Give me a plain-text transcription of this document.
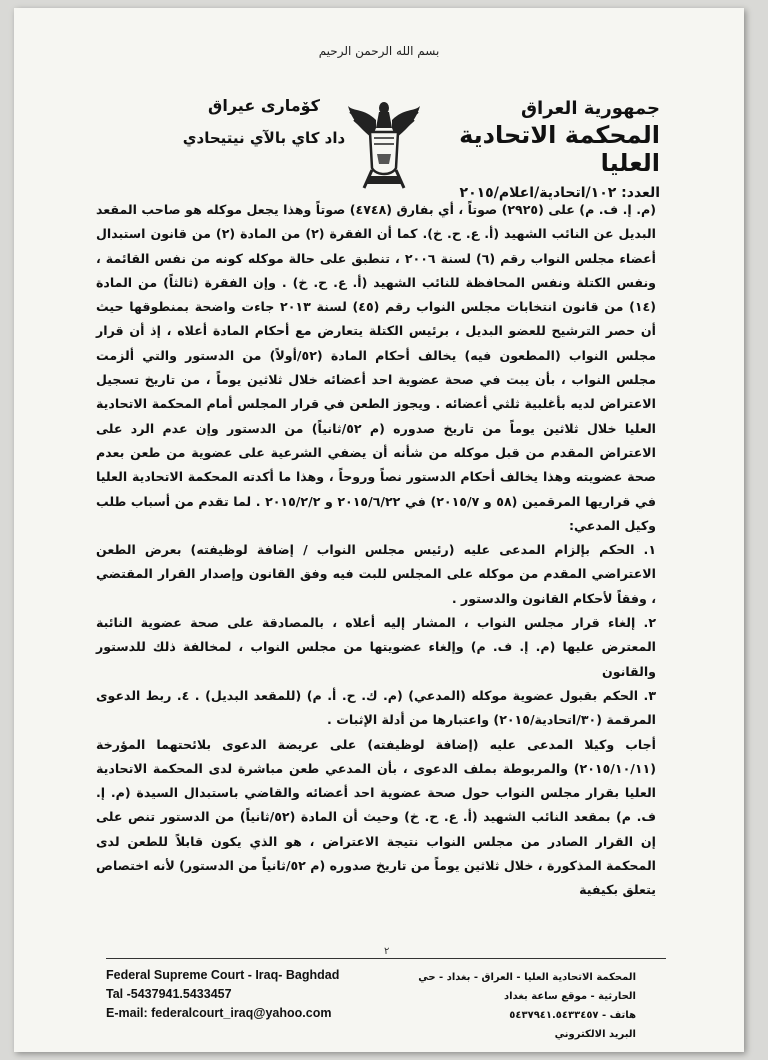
بسم الله الرحمن الرحيم
جمهورية العراق
المحكمة الاتحادية العليا
العدد: ١٠٢/اتحادية/اعلام/٢٠١٥
كوٚماری عيراق
داد كاي بالآي نيتيحادي

(م. إ. ف. م) على (٢٩٢٥) صوتاً ، أي بفارق (٤٧٤٨) صوتاً وهذا يجعل موكله هو صاحب المقعد البديل عن النائب الشهيد (أ. ع. ح. خ). كما أن الفقرة (٢) من المادة (٢) من قانون استبدال أعضاء مجلس النواب رقم (٦) لسنة ٢٠٠٦ ، تنطبق على حالة موكله كونه من نفس القائمة ، ونفس الكتلة ونفس المحافظة للنائب الشهيد (أ. ع. ح. خ) . وإن الفقرة (ثالثاً) من المادة (١٤) من قانون انتخابات مجلس النواب رقم (٤٥) لسنة ٢٠١٣ جاءت واضحة بمنطوقها حيث أن حصر الترشيح للعضو البديل ، برئيس الكتلة يتعارض مع أحكام المادة أعلاه ، إذ أن قرار مجلس النواب (المطعون فيه) يخالف أحكام المادة (٥٢/أولاً) من الدستور والتي ألزمت مجلس النواب ، بأن يبت في صحة عضوية احد أعضائه خلال ثلاثين يوماً ، من تاريخ تسجيل الاعتراض لديه بأغلبية ثلثي أعضائه . ويجوز الطعن في قرار المجلس أمام المحكمة الاتحادية العليا خلال ثلاثين يوماً من تاريخ صدوره (م ٥٢/ثانياً) من الدستور وإن عدم الرد على الاعتراض المقدم من قبل موكله من شأنه أن يضفي الشرعية على عضوية من طعن بعدم صحة عضويته وهذا يخالف أحكام الدستور نصاً وروحاً ، وهذا ما أكدته المحكمة الاتحادية العليا في قراريها المرقمين (٥٨ و ٢٠١٥/٧) في ٢٠١٥/٦/٢٢ و ٢٠١٥/٢/٢ . لما تقدم من أسباب طلب وكيل المدعي:

١. الحكم بإلزام المدعى عليه (رئيس مجلس النواب / إضافة لوظيفته) بعرض الطعن الاعتراضي المقدم من موكله على المجلس للبت فيه وفق القانون وإصدار القرار المقتضي ، وفقاً لأحكام القانون والدستور .

٢. إلغاء قرار مجلس النواب ، المشار إليه أعلاه ، بالمصادقة على صحة عضوية النائبة المعترض عليها (م. إ. ف. م) وإلغاء عضويتها من مجلس النواب ، لمخالفة ذلك للدستور والقانون

٣. الحكم بقبول عضوية موكله (المدعي) (م. ك. ح. أ. م) (للمقعد البديل) . ٤. ربط الدعوى المرقمة (٣٠/اتحادية/٢٠١٥) واعتبارها من أدلة الإثبات .

أجاب وكيلا المدعى عليه (إضافة لوظيفته) على عريضة الدعوى بلائحتهما المؤرخة (٢٠١٥/١٠/١١) والمربوطة بملف الدعوى ، بأن المدعي طعن مباشرة لدى المحكمة الاتحادية العليا بقرار مجلس النواب حول صحة عضوية احد أعضائه والقاضي باستبدال السيدة (م. إ. ف. م) بمقعد النائب الشهيد (أ. ع. ح. خ) وحيث أن المادة (٥٢/ثانياً) من الدستور تنص على إن القرار الصادر من مجلس النواب نتيجة الاعتراض ، هو الذي يكون قابلاً للطعن لدى المحكمة المذكورة ، خلال ثلاثين يوماً من تاريخ صدوره (م ٥٢/ثانياً من الدستور) لأنه اختصاص يتعلق بكيفية

٢
Federal Supreme Court - Iraq- Baghdad
Tal -5437941.5433457
E-mail: federalcourt_iraq@yahoo.com
المحكمة الاتحادية العليا - العراق - بغداد - حي الحارثية - موقع ساعة بغداد
هاتف - ٥٤٣٧٩٤١.٥٤٣٣٤٥٧
البريد الالكتروني
